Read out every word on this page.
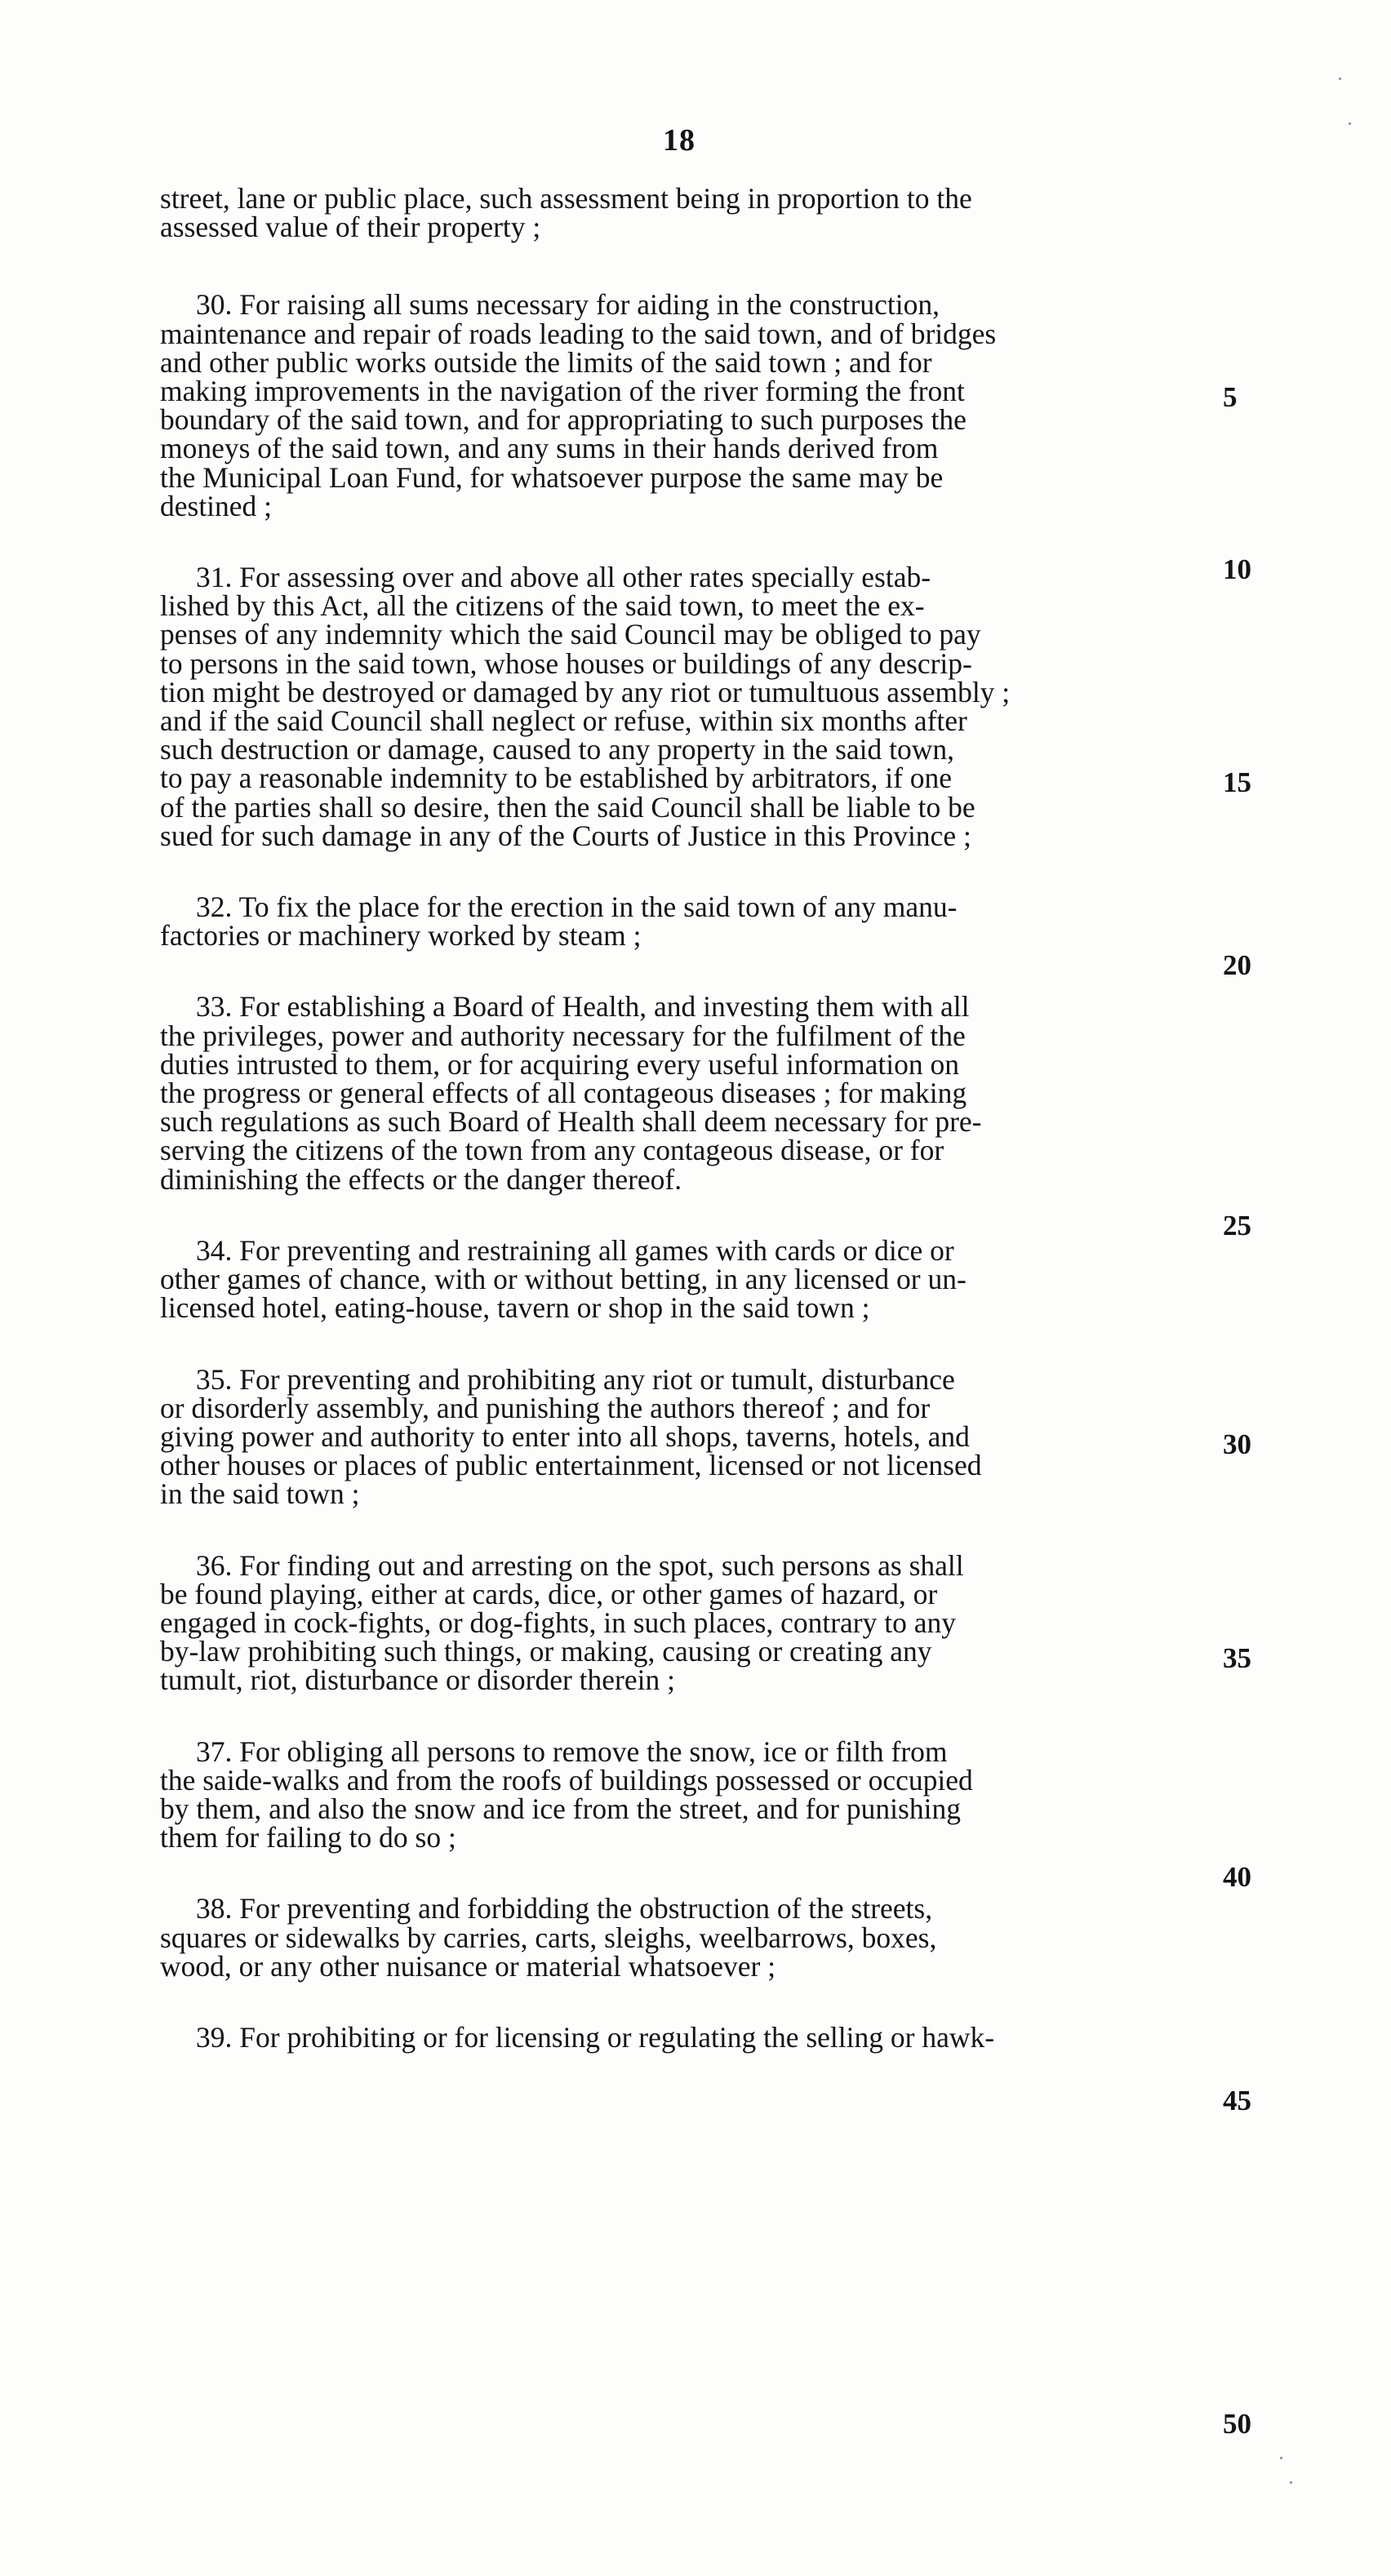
18
street, lane or public place, such assessment being in proportion to the
assessed value of their property ;
30. For raising all sums necessary for aiding in the construction,
maintenance and repair of roads leading to the said town, and of bridges
and other public works outside the limits of the said town ; and for
making improvements in the navigation of the river forming the front
boundary of the said town, and for appropriating to such purposes the
moneys of the said town, and any sums in their hands derived from
the Municipal Loan Fund, for whatsoever purpose the same may be
destined ;
31. For assessing over and above all other rates specially estab-
lished by this Act, all the citizens of the said town, to meet the ex-
penses of any indemnity which the said Council may be obliged to pay
to persons in the said town, whose houses or buildings of any descrip-
tion might be destroyed or damaged by any riot or tumultuous assembly ;
and if the said Council shall neglect or refuse, within six months after
such destruction or damage, caused to any property in the said town,
to pay a reasonable indemnity to be established by arbitrators, if one
of the parties shall so desire, then the said Council shall be liable to be
sued for such damage in any of the Courts of Justice in this Province ;
32. To fix the place for the erection in the said town of any manu-
factories or machinery worked by steam ;
33. For establishing a Board of Health, and investing them with all
the privileges, power and authority necessary for the fulfilment of the
duties intrusted to them, or for acquiring every useful information on
the progress or general effects of all contageous diseases ; for making
such regulations as such Board of Health shall deem necessary for pre-
serving the citizens of the town from any contageous disease, or for
diminishing the effects or the danger thereof.
34. For preventing and restraining all games with cards or dice or
other games of chance, with or without betting, in any licensed or un-
licensed hotel, eating-house, tavern or shop in the said town ;
35. For preventing and prohibiting any riot or tumult, disturbance
or disorderly assembly, and punishing the authors thereof ; and for
giving power and authority to enter into all shops, taverns, hotels, and
other houses or places of public entertainment, licensed or not licensed
in the said town ;
36. For finding out and arresting on the spot, such persons as shall
be found playing, either at cards, dice, or other games of hazard, or
engaged in cock-fights, or dog-fights, in such places, contrary to any
by-law prohibiting such things, or making, causing or creating any
tumult, riot, disturbance or disorder therein ;
37. For obliging all persons to remove the snow, ice or filth from
the saide-walks and from the roofs of buildings possessed or occupied
by them, and also the snow and ice from the street, and for punishing
them for failing to do so ;
38. For preventing and forbidding the obstruction of the streets,
squares or sidewalks by carries, carts, sleighs, weelbarrows, boxes,
wood, or any other nuisance or material whatsoever ;
39. For prohibiting or for licensing or regulating the selling or hawk-
5
10
15
20
25
30
35
40
45
50
